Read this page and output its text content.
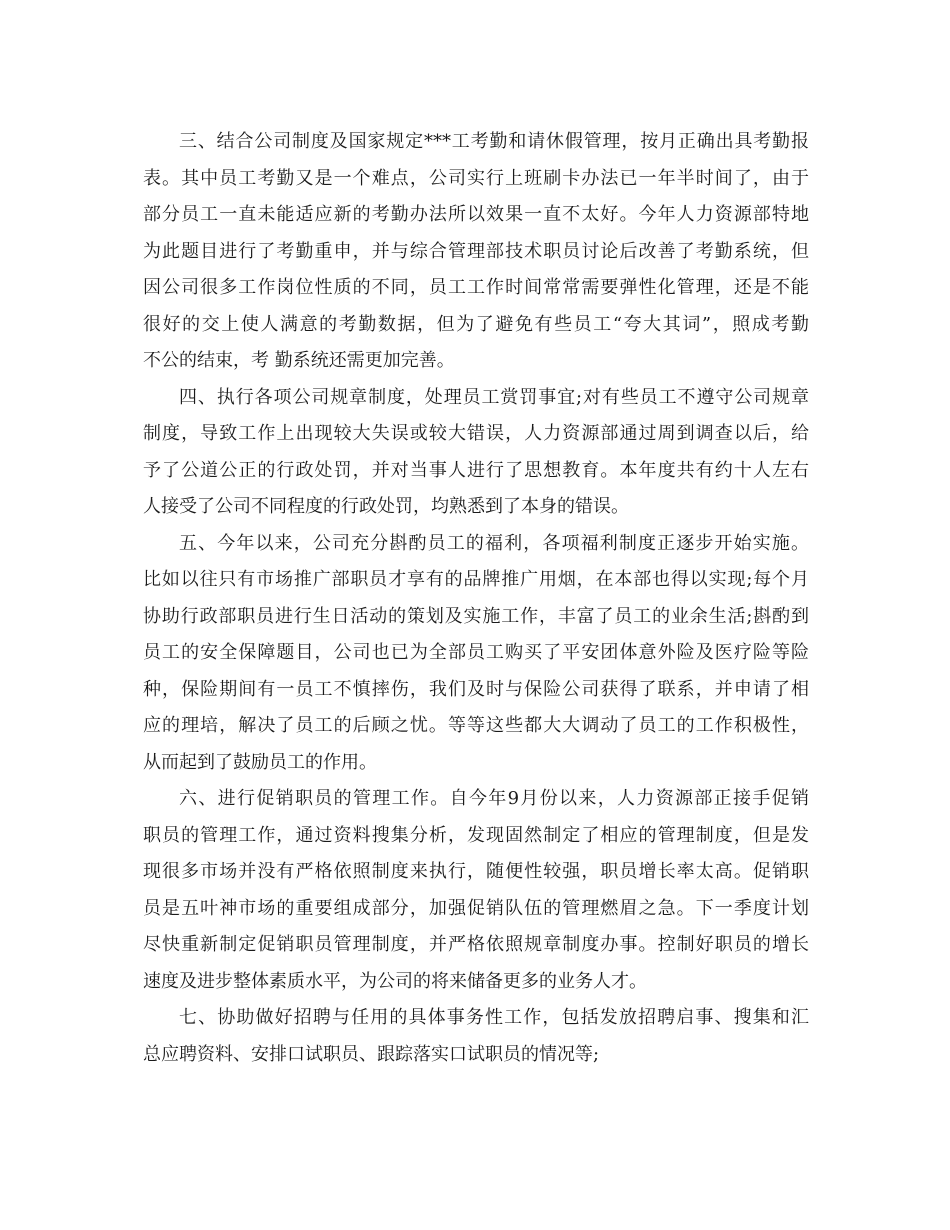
三、结合公司制度及国家规定***工考勤和请休假管理，按月正确出具考勤报
表。其中员工考勤又是一个难点，公司实行上班刷卡办法已一年半时间了，由于
部分员工一直未能适应新的考勤办法所以效果一直不太好。今年人力资源部特地
为此题目进行了考勤重申，并与综合管理部技术职员讨论后改善了考勤系统，但
因公司很多工作岗位性质的不同，员工工作时间常常需要弹性化管理，还是不能
很好的交上使人满意的考勤数据，但为了避免有些员工“夸大其词”，照成考勤
不公的结束，考 勤系统还需更加完善。
四、执行各项公司规章制度，处理员工赏罚事宜;对有些员工不遵守公司规章
制度，导致工作上出现较大失误或较大错误，人力资源部通过周到调查以后，给
予了公道公正的行政处罚，并对当事人进行了思想教育。本年度共有约十人左右
人接受了公司不同程度的行政处罚，均熟悉到了本身的错误。
五、今年以来，公司充分斟酌员工的福利，各项福利制度正逐步开始实施。
比如以往只有市场推广部职员才享有的品牌推广用烟，在本部也得以实现;每个月
协助行政部职员进行生日活动的策划及实施工作，丰富了员工的业余生活;斟酌到
员工的安全保障题目，公司也已为全部员工购买了平安团体意外险及医疗险等险
种，保险期间有一员工不慎摔伤，我们及时与保险公司获得了联系，并申请了相
应的理培，解决了员工的后顾之忧。等等这些都大大调动了员工的工作积极性，
从而起到了鼓励员工的作用。
六、进行促销职员的管理工作。自今年9月份以来，人力资源部正接手促销
职员的管理工作，通过资料搜集分析，发现固然制定了相应的管理制度，但是发
现很多市场并没有严格依照制度来执行，随便性较强，职员增长率太高。促销职
员是五叶神市场的重要组成部分，加强促销队伍的管理燃眉之急。下一季度计划
尽快重新制定促销职员管理制度，并严格依照规章制度办事。控制好职员的增长
速度及进步整体素质水平，为公司的将来储备更多的业务人才。
七、协助做好招聘与任用的具体事务性工作，包括发放招聘启事、搜集和汇
总应聘资料、安排口试职员、跟踪落实口试职员的情况等;
